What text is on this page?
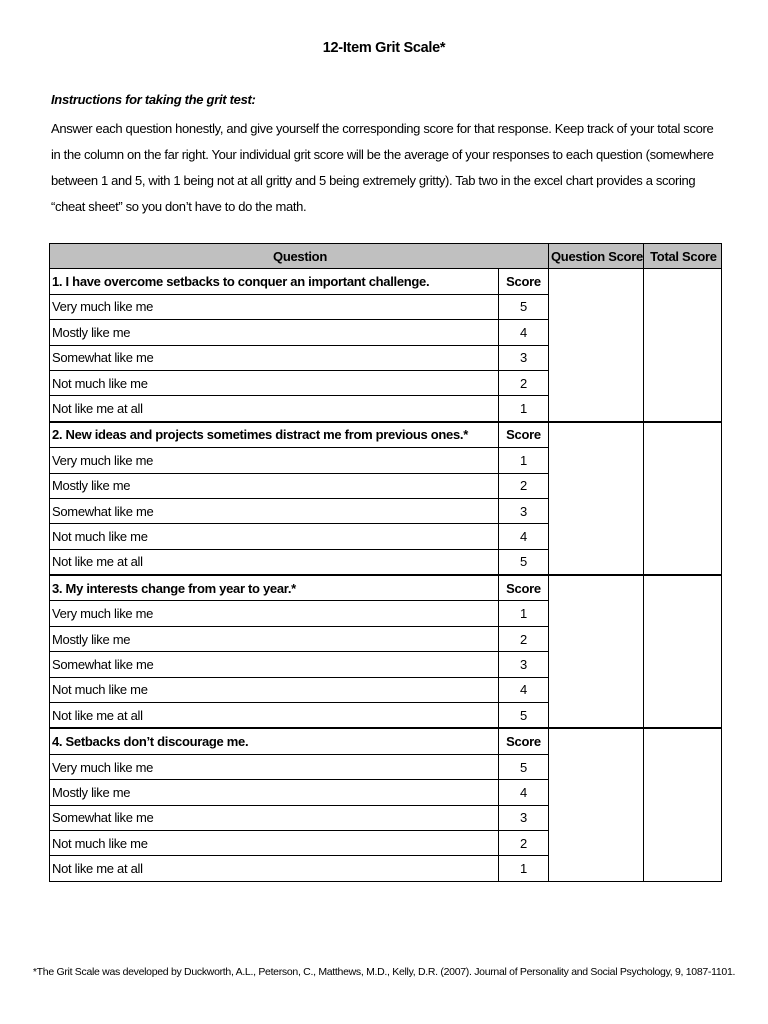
12-Item Grit Scale*
Instructions for taking the grit test:
Answer each question honestly, and give yourself the corresponding score for that response. Keep track of your total score in the column on the far right. Your individual grit score will be the average of your responses to each question (somewhere between 1 and 5, with 1 being not at all gritty and 5 being extremely gritty). Tab two in the excel chart provides a scoring “cheat sheet” so you don’t have to do the math.
Question		Question Score	Total Score
1. I have overcome setbacks to conquer an important challenge.	Score		
Very much like me	5		
Mostly like me	4		
Somewhat like me	3		
Not much like me	2		
Not like me at all	1		
2. New ideas and projects sometimes distract me from previous ones.*	Score		
Very much like me	1		
Mostly like me	2		
Somewhat like me	3		
Not much like me	4		
Not like me at all	5		
3. My interests change from year to year.*	Score		
Very much like me	1		
Mostly like me	2		
Somewhat like me	3		
Not much like me	4		
Not like me at all	5		
4. Setbacks don’t discourage me.	Score		
Very much like me	5		
Mostly like me	4		
Somewhat like me	3		
Not much like me	2		
Not like me at all	1		
*The Grit Scale was developed by Duckworth, A.L., Peterson, C., Matthews, M.D., Kelly, D.R. (2007). Journal of Personality and Social Psychology, 9, 1087-1101.
